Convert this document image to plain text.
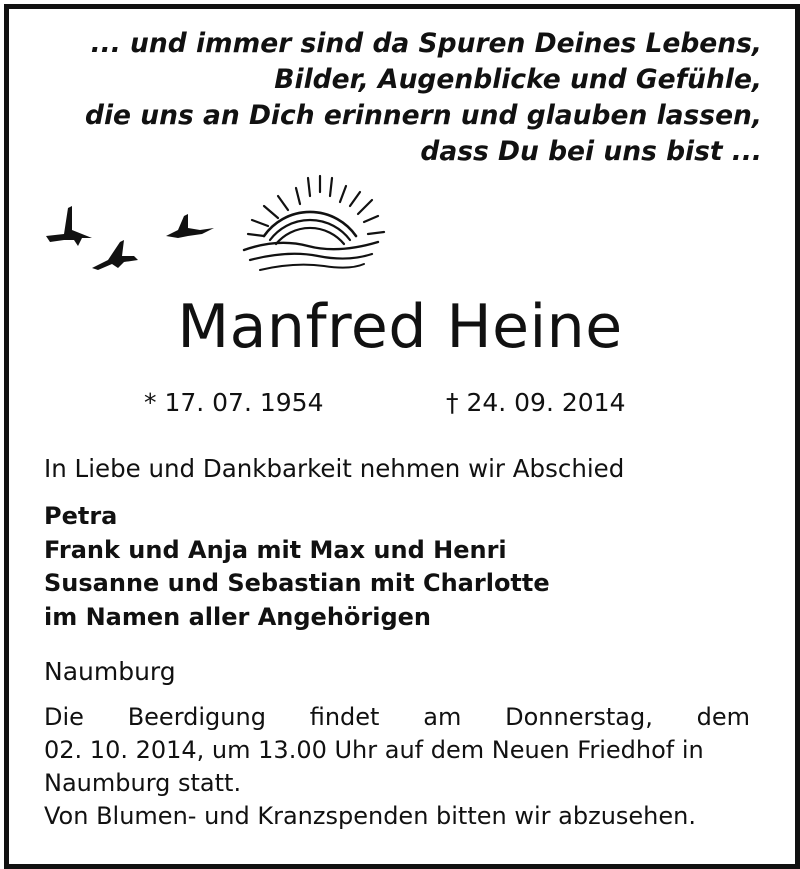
... und immer sind da Spuren Deines Lebens,
Bilder, Augenblicke und Gefühle,
die uns an Dich erinnern und glauben lassen,
dass Du bei uns bist ...
Manfred Heine
* 17. 07. 1954	† 24. 09. 2014
In Liebe und Dankbarkeit nehmen wir Abschied
Petra
Frank und Anja mit Max und Henri
Susanne und Sebastian mit Charlotte
im Namen aller Angehörigen
Naumburg
Die Beerdigung findet am Donnerstag, dem
02. 10. 2014, um 13.00 Uhr auf dem Neuen Friedhof in
Naumburg statt.
Von Blumen- und Kranzspenden bitten wir abzusehen.
